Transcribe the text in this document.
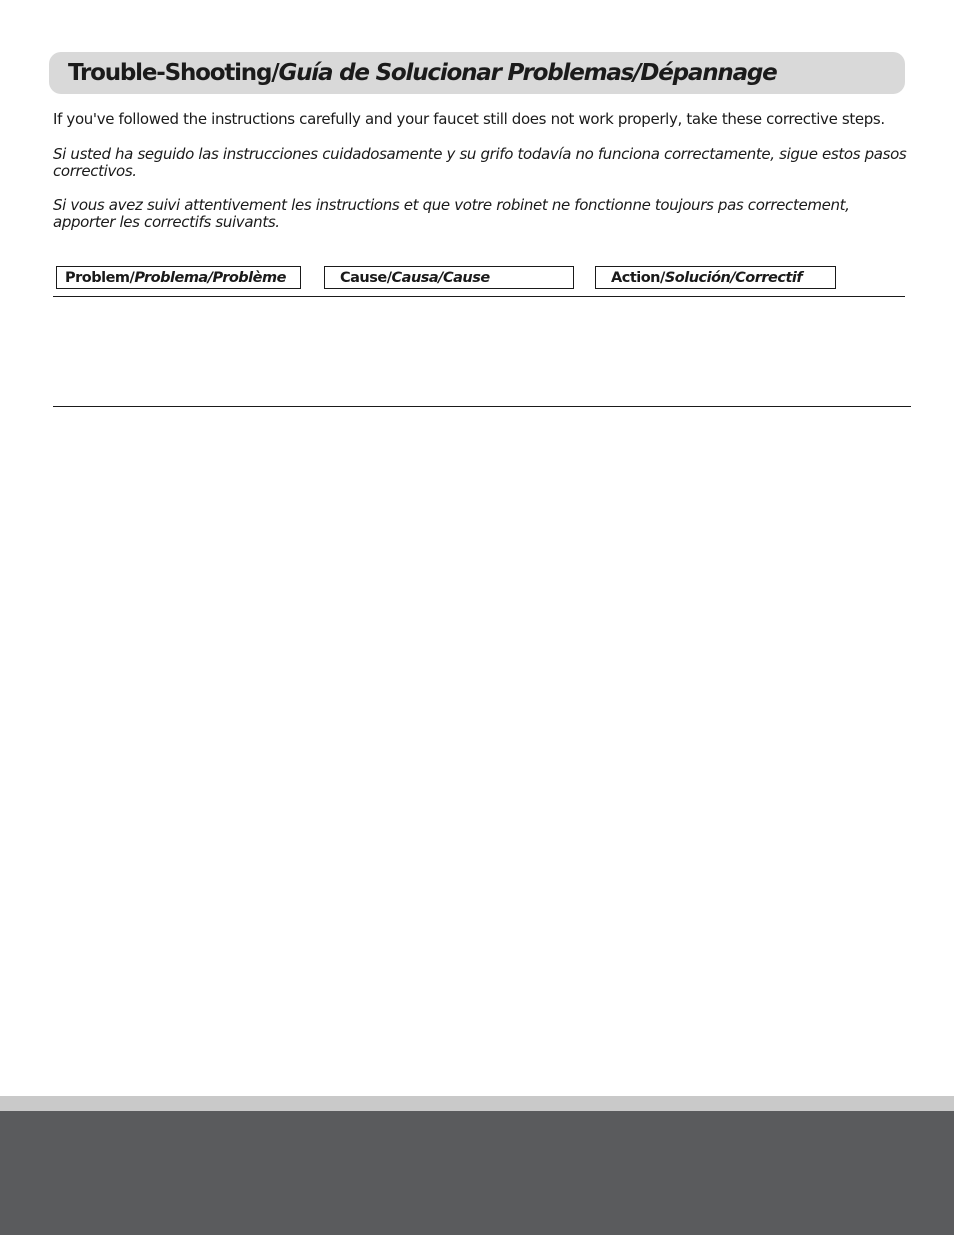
Trouble-Shooting/ Guía de Solucionar Problemas/Dépannage
If you've followed the instructions carefully and your faucet still does not work properly, take these corrective steps.
Si usted ha seguido las instrucciones cuidadosamente y su grifo todavía no funciona correctamente, sigue estos pasos correctivos.
Si vous avez suivi attentivement les instructions et que votre robinet ne fonctionne toujours pas correctement, apporter les correctifs suivants.
Problem/ Problema/Problème	Cause/ Causa/Cause	Action/ Solución/Correctif
